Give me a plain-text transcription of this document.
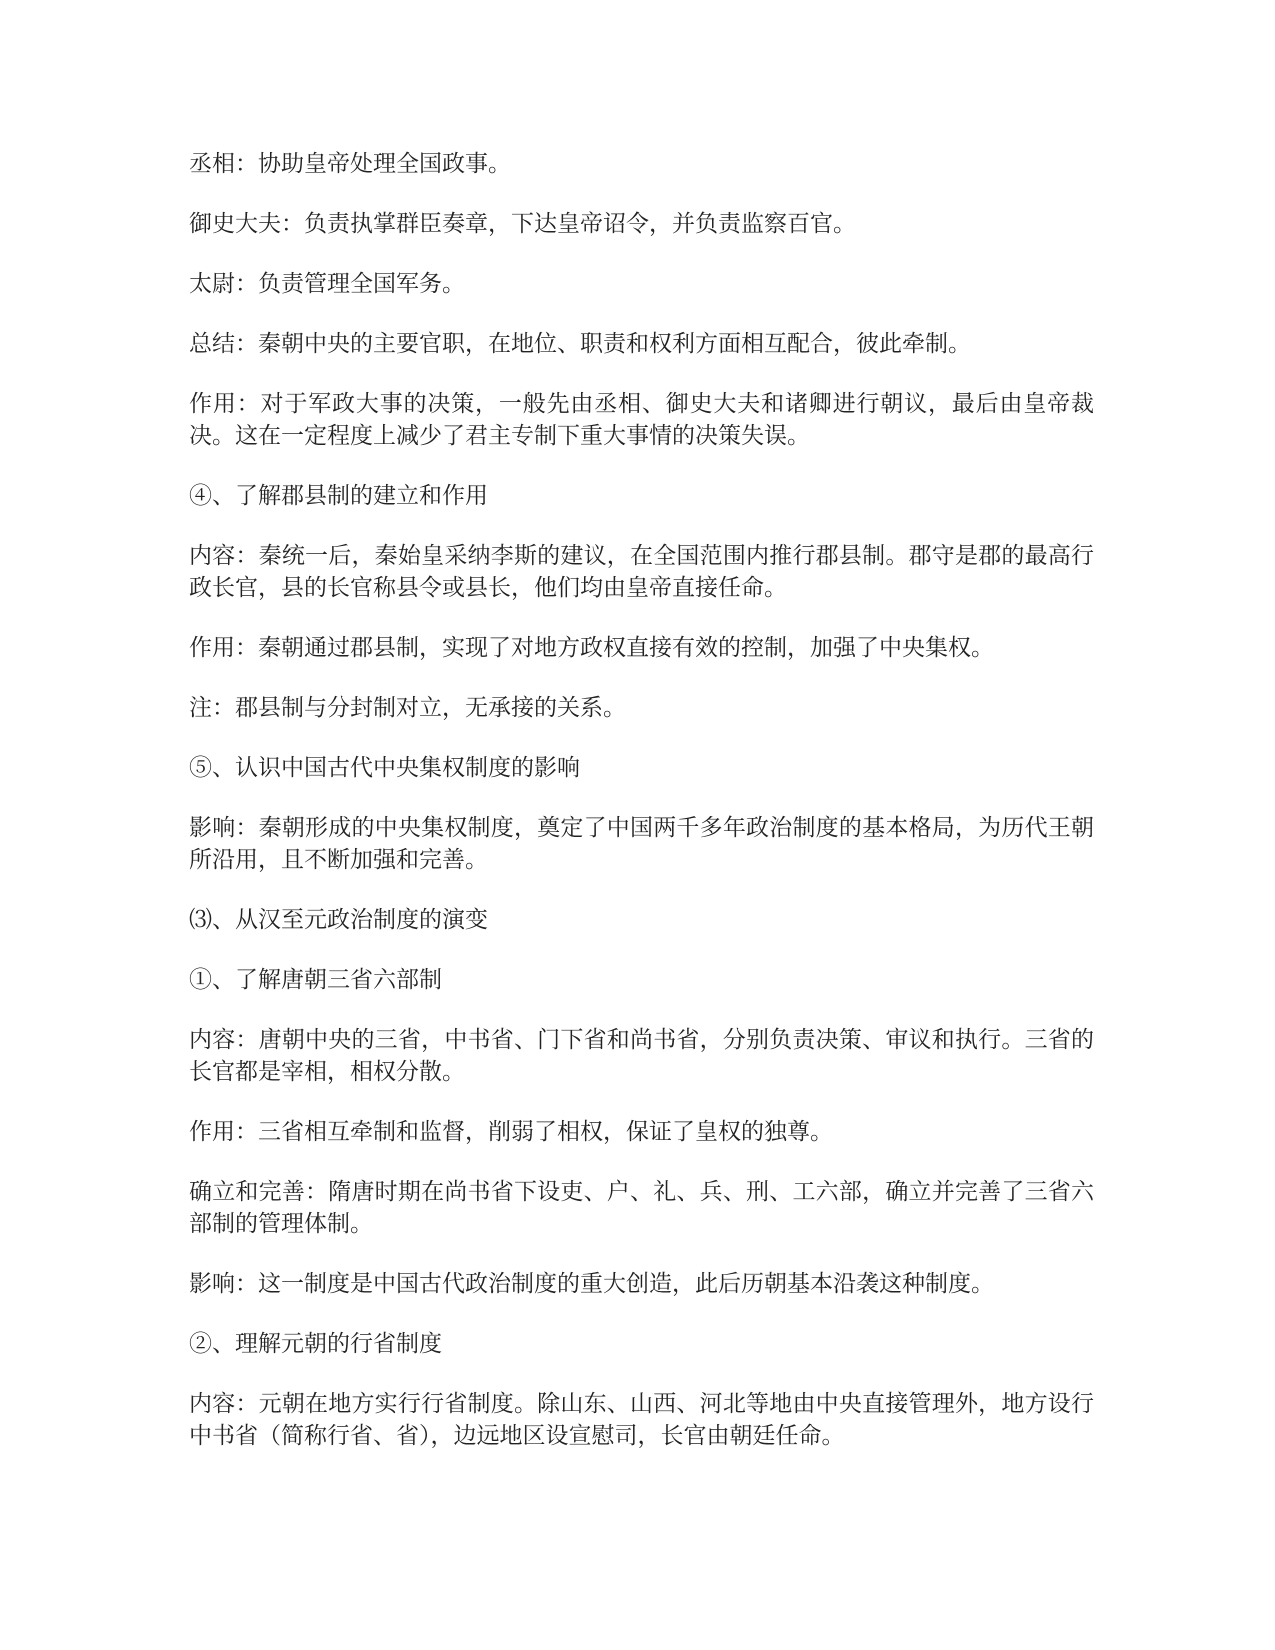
丞相：协助皇帝处理全国政事。

御史大夫：负责执掌群臣奏章，下达皇帝诏令，并负责监察百官。

太尉：负责管理全国军务。

总结：秦朝中央的主要官职，在地位、职责和权利方面相互配合，彼此牵制。

作用：对于军政大事的决策，一般先由丞相、御史大夫和诸卿进行朝议，最后由皇帝裁决。这在一定程度上减少了君主专制下重大事情的决策失误。

④、了解郡县制的建立和作用

内容：秦统一后，秦始皇采纳李斯的建议，在全国范围内推行郡县制。郡守是郡的最高行政长官，县的长官称县令或县长，他们均由皇帝直接任命。

作用：秦朝通过郡县制，实现了对地方政权直接有效的控制，加强了中央集权。

注：郡县制与分封制对立，无承接的关系。

⑤、认识中国古代中央集权制度的影响

影响：秦朝形成的中央集权制度，奠定了中国两千多年政治制度的基本格局，为历代王朝所沿用，且不断加强和完善。

⑶、从汉至元政治制度的演变

①、了解唐朝三省六部制

内容：唐朝中央的三省，中书省、门下省和尚书省，分别负责决策、审议和执行。三省的长官都是宰相，相权分散。

作用：三省相互牵制和监督，削弱了相权，保证了皇权的独尊。

确立和完善：隋唐时期在尚书省下设吏、户、礼、兵、刑、工六部，确立并完善了三省六部制的管理体制。

影响：这一制度是中国古代政治制度的重大创造，此后历朝基本沿袭这种制度。

②、理解元朝的行省制度

内容：元朝在地方实行行省制度。除山东、山西、河北等地由中央直接管理外，地方设行中书省（简称行省、省），边远地区设宣慰司，长官由朝廷任命。
